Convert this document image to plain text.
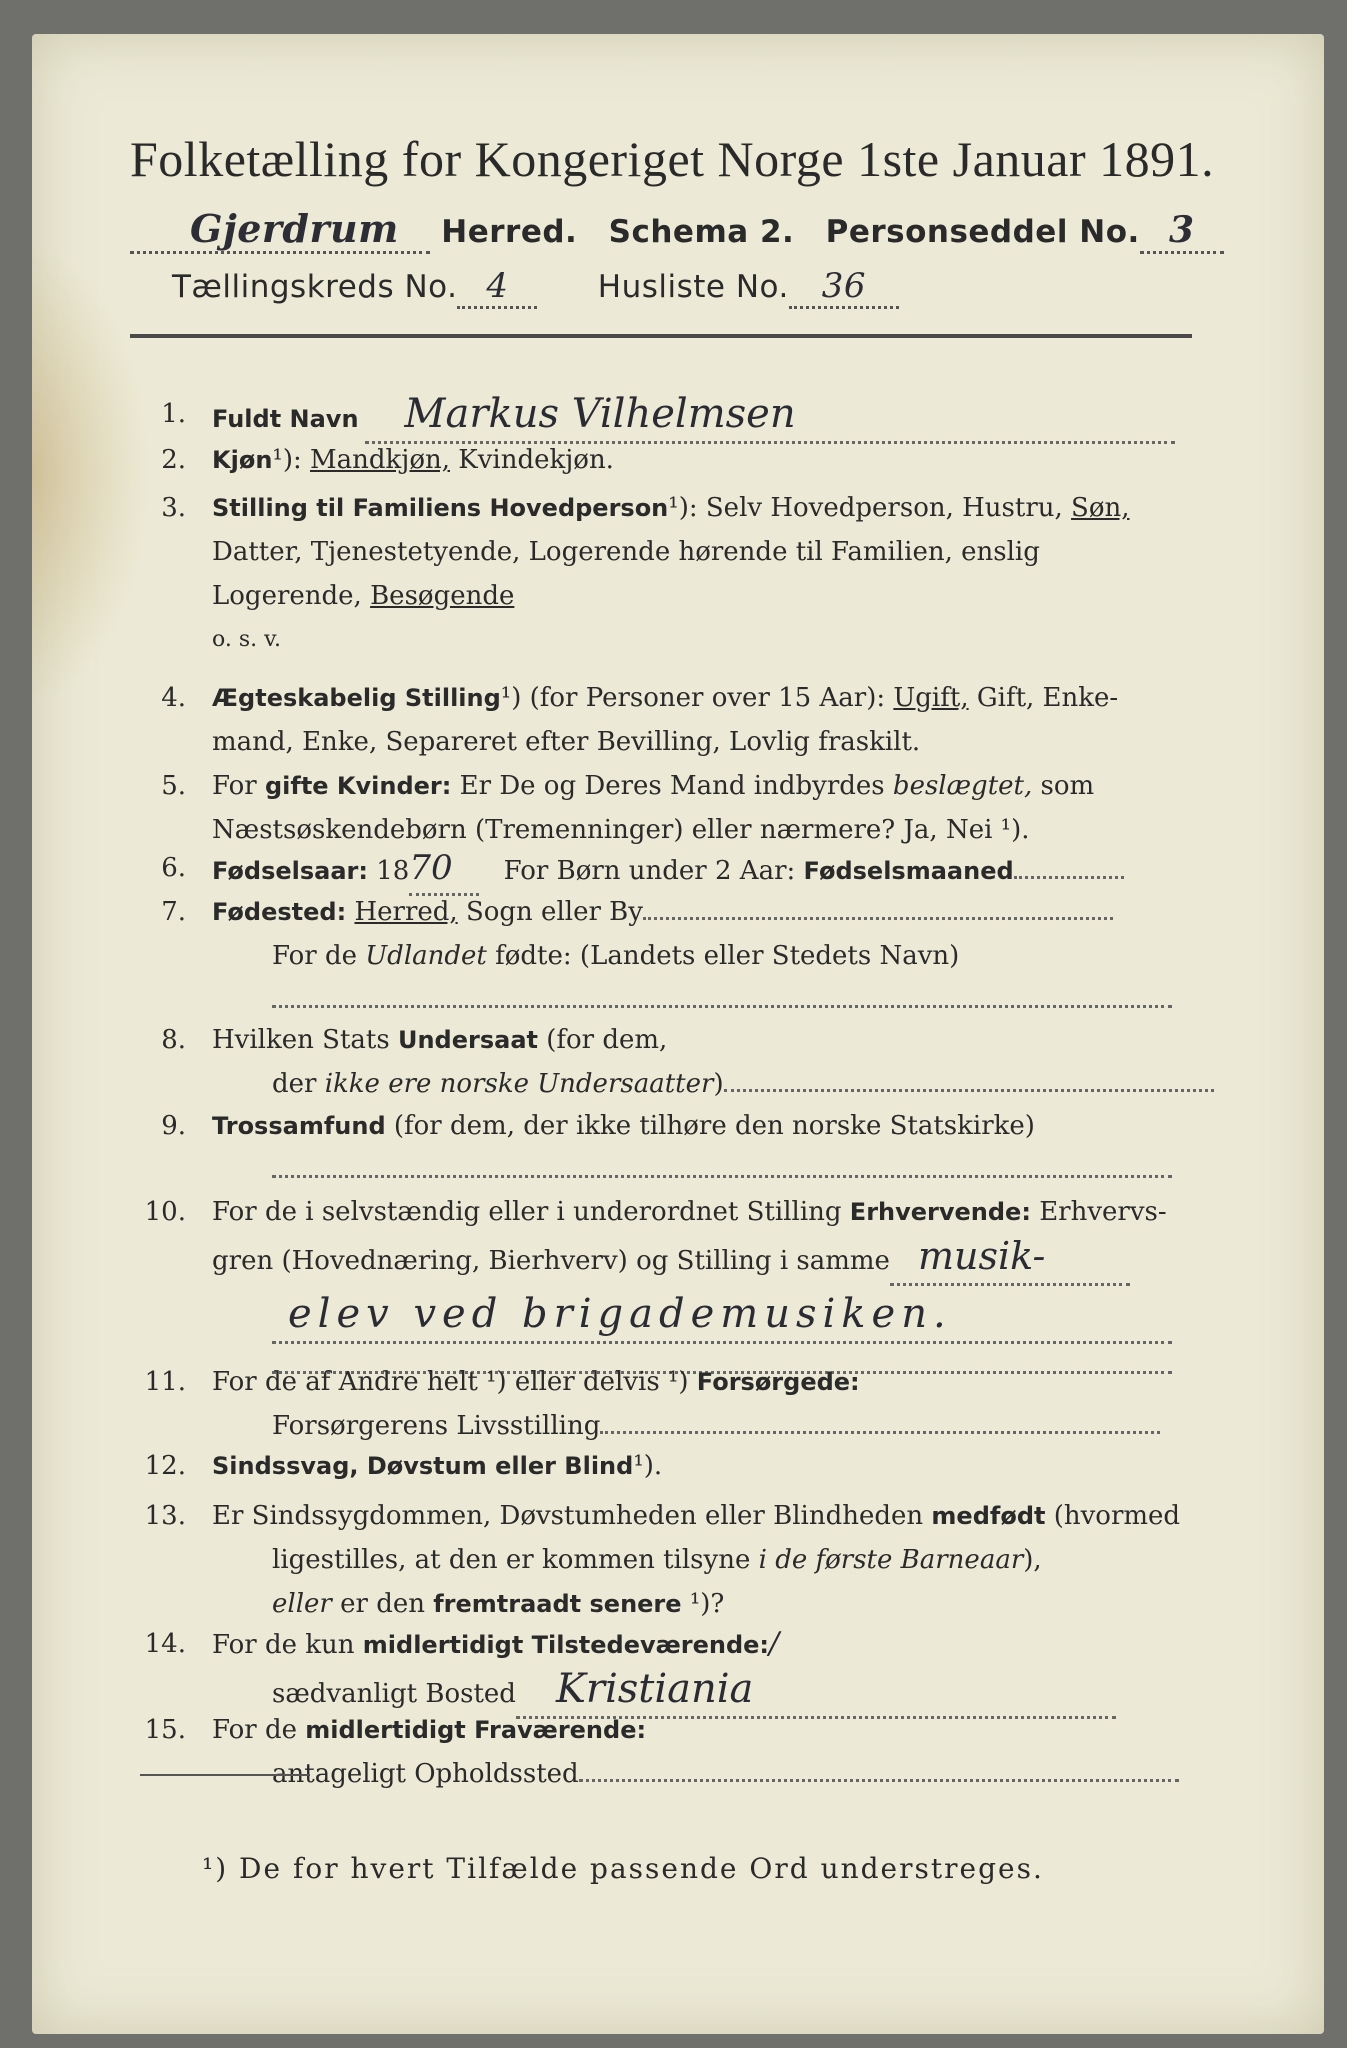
Folketælling for Kongeriget Norge 1ste Januar 1891.
Gjerdrum Herred. Schema 2. Personseddel No. 3
Tællingskreds No. 4	Husliste No. 36
1. Fuldt Navn Markus Vilhelmsen
2. Kjøn¹): Mandkjøn, Kvindekjøn.
3. Stilling til Familiens Hovedperson¹): Selv Hovedperson, Hustru, Søn,
Datter, Tjenestetyende, Logerende hørende til Familien, enslig
Logerende, Besøgende
o. s. v.
4. Ægteskabelig Stilling¹) (for Personer over 15 Aar): Ugift, Gift, Enke-
mand, Enke, Separeret efter Bevilling, Lovlig fraskilt.
5. For gifte Kvinder: Er De og Deres Mand indbyrdes beslægtet, som
Næstsøskendebørn (Tremenninger) eller nærmere? Ja, Nei ¹).
6. Fødselsaar: 1870 For Børn under 2 Aar: Fødselsmaaned
7. Fødested: Herred, Sogn eller By
For de Udlandet fødte: (Landets eller Stedets Navn)
8. Hvilken Stats Undersaat (for dem,
der ikke ere norske Undersaatter)
9. Trossamfund (for dem, der ikke tilhøre den norske Statskirke)
10. For de i selvstændig eller i underordnet Stilling Erhvervende: Erhvervs-
gren (Hovednæring, Bierhverv) og Stilling i samme musik-
elev ved brigademusiken.
11. For de af Andre helt ¹) eller delvis ¹) Forsørgede:
Forsørgerens Livsstilling
12. Sindssvag, Døvstum eller Blind¹).
13. Er Sindssygdommen, Døvstumheden eller Blindheden medfødt (hvormed
ligestilles, at den er kommen tilsyne i de første Barneaar),
eller er den fremtraadt senere ¹)?
14. For de kun midlertidigt Tilstedeværende:/
sædvanligt Bosted Kristiania
15. For de midlertidigt Fraværende:
antageligt Opholdssted
¹) De for hvert Tilfælde passende Ord understreges.
